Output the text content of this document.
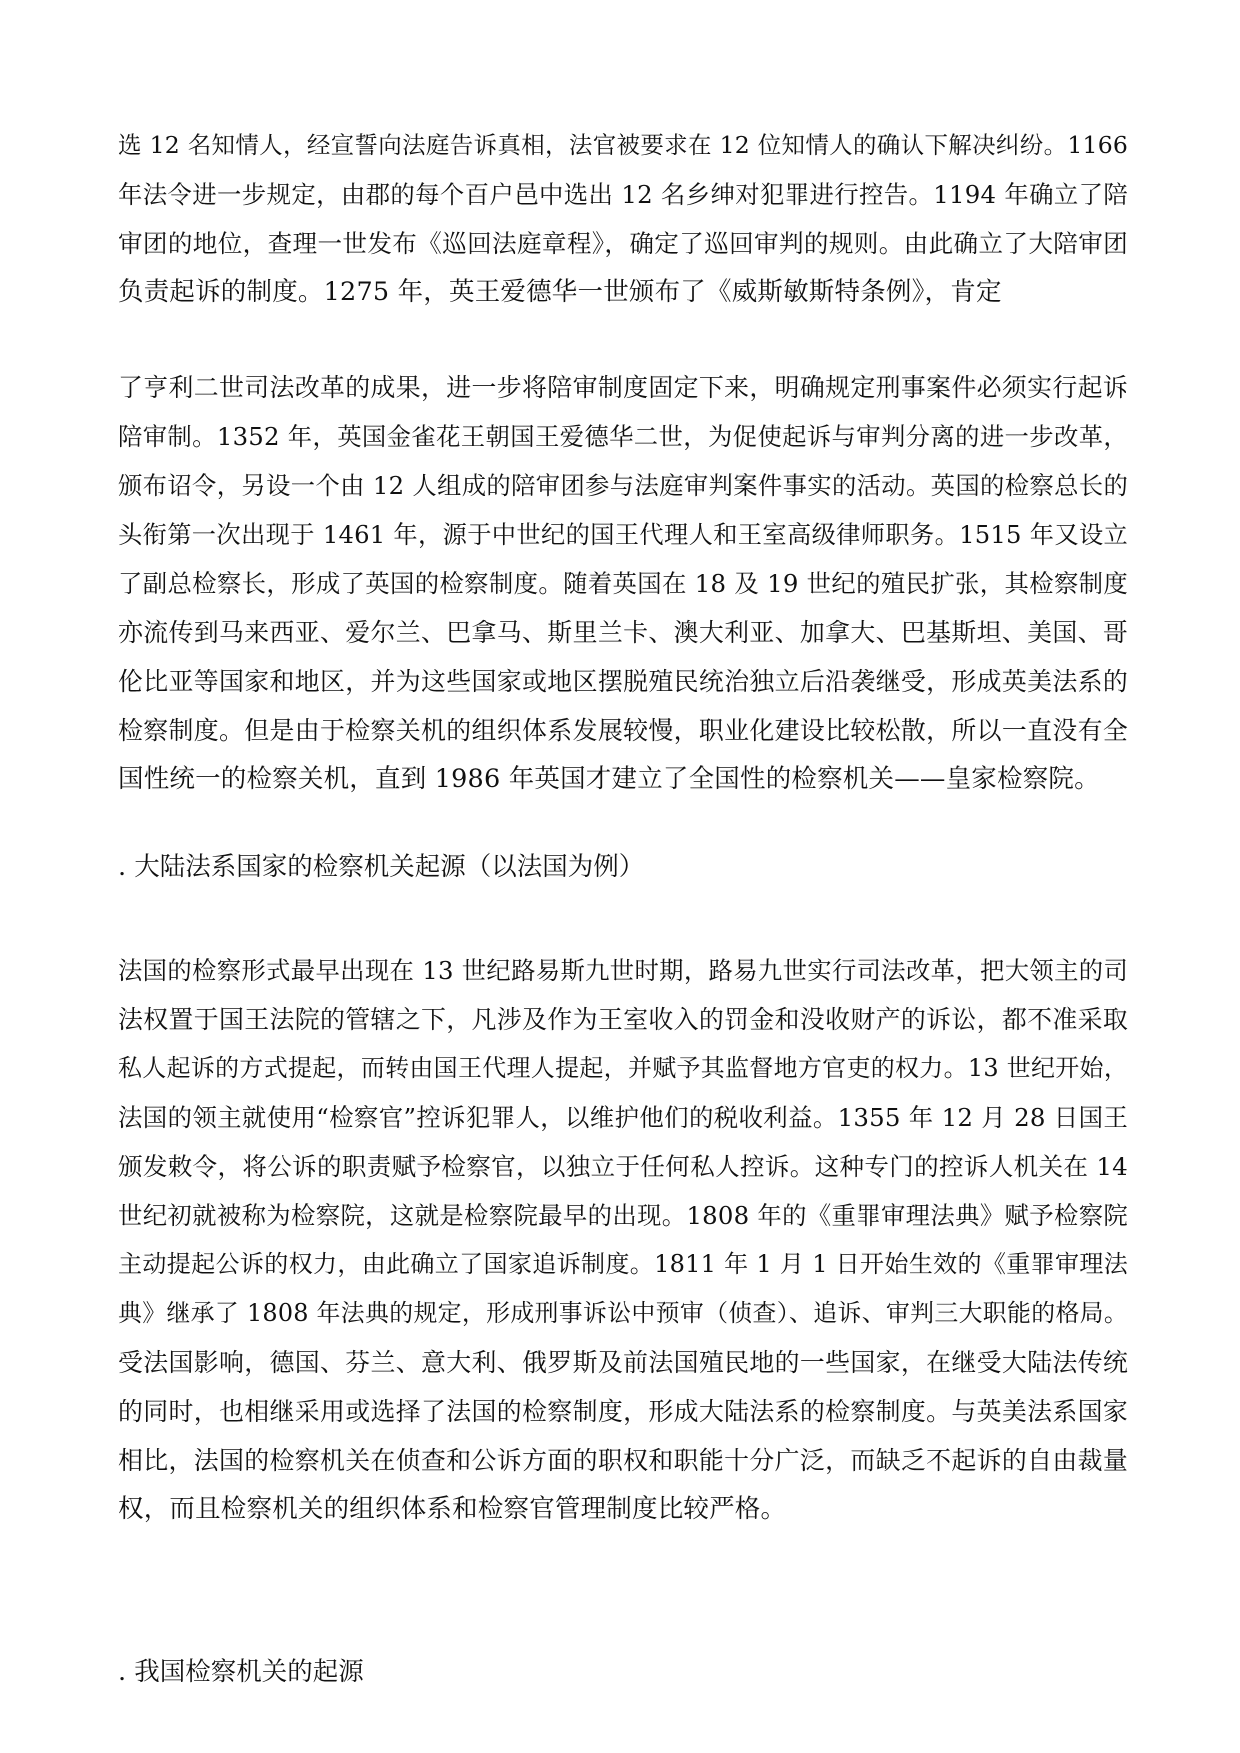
选 12 名知情人，经宣誓向法庭告诉真相，法官被要求在 12 位知情人的确认下解决纠纷。1166
年法令进一步规定，由郡的每个百户邑中选出 12 名乡绅对犯罪进行控告。1194 年确立了陪
审团的地位，查理一世发布《巡回法庭章程》，确定了巡回审判的规则。由此确立了大陪审团
负责起诉的制度。1275 年，英王爱德华一世颁布了《威斯敏斯特条例》，肯定
了亨利二世司法改革的成果，进一步将陪审制度固定下来，明确规定刑事案件必须实行起诉
陪审制。1352 年，英国金雀花王朝国王爱德华二世，为促使起诉与审判分离的进一步改革，
颁布诏令，另设一个由 12 人组成的陪审团参与法庭审判案件事实的活动。英国的检察总长的
头衔第一次出现于 1461 年，源于中世纪的国王代理人和王室高级律师职务。1515 年又设立
了副总检察长，形成了英国的检察制度。随着英国在 18 及 19 世纪的殖民扩张，其检察制度
亦流传到马来西亚、爱尔兰、巴拿马、斯里兰卡、澳大利亚、加拿大、巴基斯坦、美国、哥
伦比亚等国家和地区，并为这些国家或地区摆脱殖民统治独立后沿袭继受，形成英美法系的
检察制度。但是由于检察关机的组织体系发展较慢，职业化建设比较松散，所以一直没有全
国性统一的检察关机，直到 1986 年英国才建立了全国性的检察机关——皇家检察院。
. 大陆法系国家的检察机关起源（以法国为例）
法国的检察形式最早出现在 13 世纪路易斯九世时期，路易九世实行司法改革，把大领主的司
法权置于国王法院的管辖之下，凡涉及作为王室收入的罚金和没收财产的诉讼，都不准采取
私人起诉的方式提起，而转由国王代理人提起，并赋予其监督地方官吏的权力。13 世纪开始，
法国的领主就使用“检察官”控诉犯罪人，以维护他们的税收利益。1355 年 12 月 28 日国王
颁发敕令，将公诉的职责赋予检察官，以独立于任何私人控诉。这种专门的控诉人机关在 14
世纪初就被称为检察院，这就是检察院最早的出现。1808 年的《重罪审理法典》赋予检察院
主动提起公诉的权力，由此确立了国家追诉制度。1811 年 1 月 1 日开始生效的《重罪审理法
典》继承了 1808 年法典的规定，形成刑事诉讼中预审（侦查）、追诉、审判三大职能的格局。
受法国影响，德国、芬兰、意大利、俄罗斯及前法国殖民地的一些国家，在继受大陆法传统
的同时，也相继采用或选择了法国的检察制度，形成大陆法系的检察制度。与英美法系国家
相比，法国的检察机关在侦查和公诉方面的职权和职能十分广泛，而缺乏不起诉的自由裁量
权，而且检察机关的组织体系和检察官管理制度比较严格。
. 我国检察机关的起源
